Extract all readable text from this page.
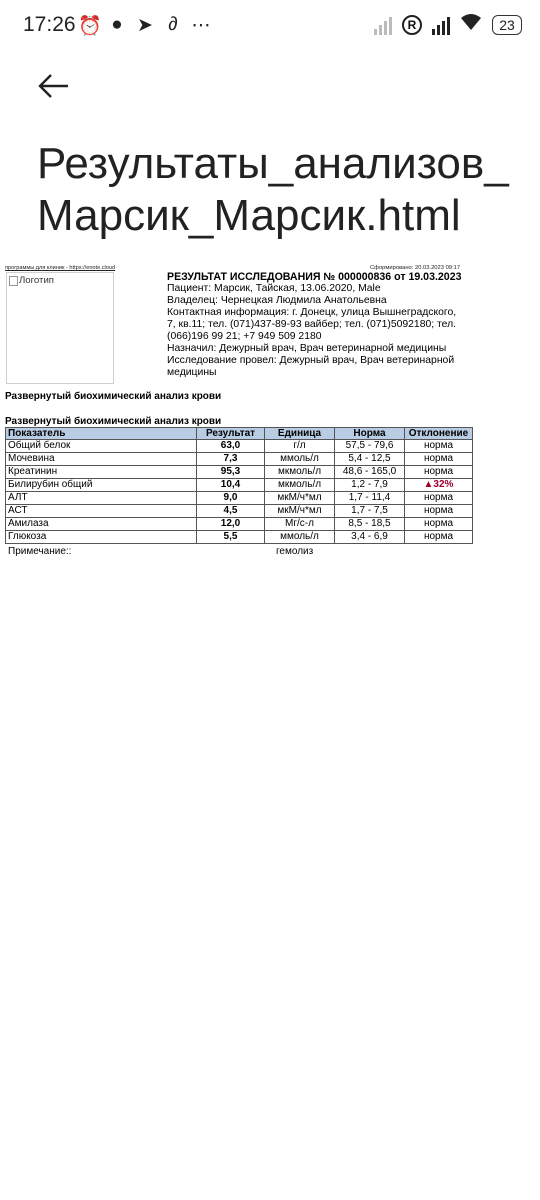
17:26 ⏰ ● ➤ ∂ ⋯	R	23
Результаты_анализов_Марсик_Марсик.html
программы для клиник - https://enote.cloud	Сформировано: 20.03.2023 09:17
Логотип	РЕЗУЛЬТАТ ИССЛЕДОВАНИЯ № 000000836 от 19.03.2023
Пациент: Марсик, Тайская, 13.06.2020, Male
Владелец: Чернецкая Людмила Анатольевна
Контактная информация: г. Донецк, улица Вышнеградского, 7, кв.11; тел. (071)437-89-93 вайбер; тел. (071)5092180; тел. (066)196 99 21; +7 949 509 2180
Назначил: Дежурный врач, Врач ветеринарной медицины
Исследование провел: Дежурный врач, Врач ветеринарной медицины
Развернутый биохимический анализ крови
Развернутый биохимический анализ крови
Показатель	Результат	Единица	Норма	Отклонение
Общий белок	63,0	г/л	57,5 - 79,6	норма
Мочевина	7,3	ммоль/л	5,4 - 12,5	норма
Креатинин	95,3	мкмоль/л	48,6 - 165,0	норма
Билирубин общий	10,4	мкмоль/л	1,2 - 7,9	▲32%
АЛТ	9,0	мкМ/ч*мл	1,7 - 11,4	норма
АСТ	4,5	мкМ/ч*мл	1,7 - 7,5	норма
Амилаза	12,0	Мг/с-л	8,5 - 18,5	норма
Глюкоза	5,5	ммоль/л	3,4 - 6,9	норма
Примечание::	гемолиз
